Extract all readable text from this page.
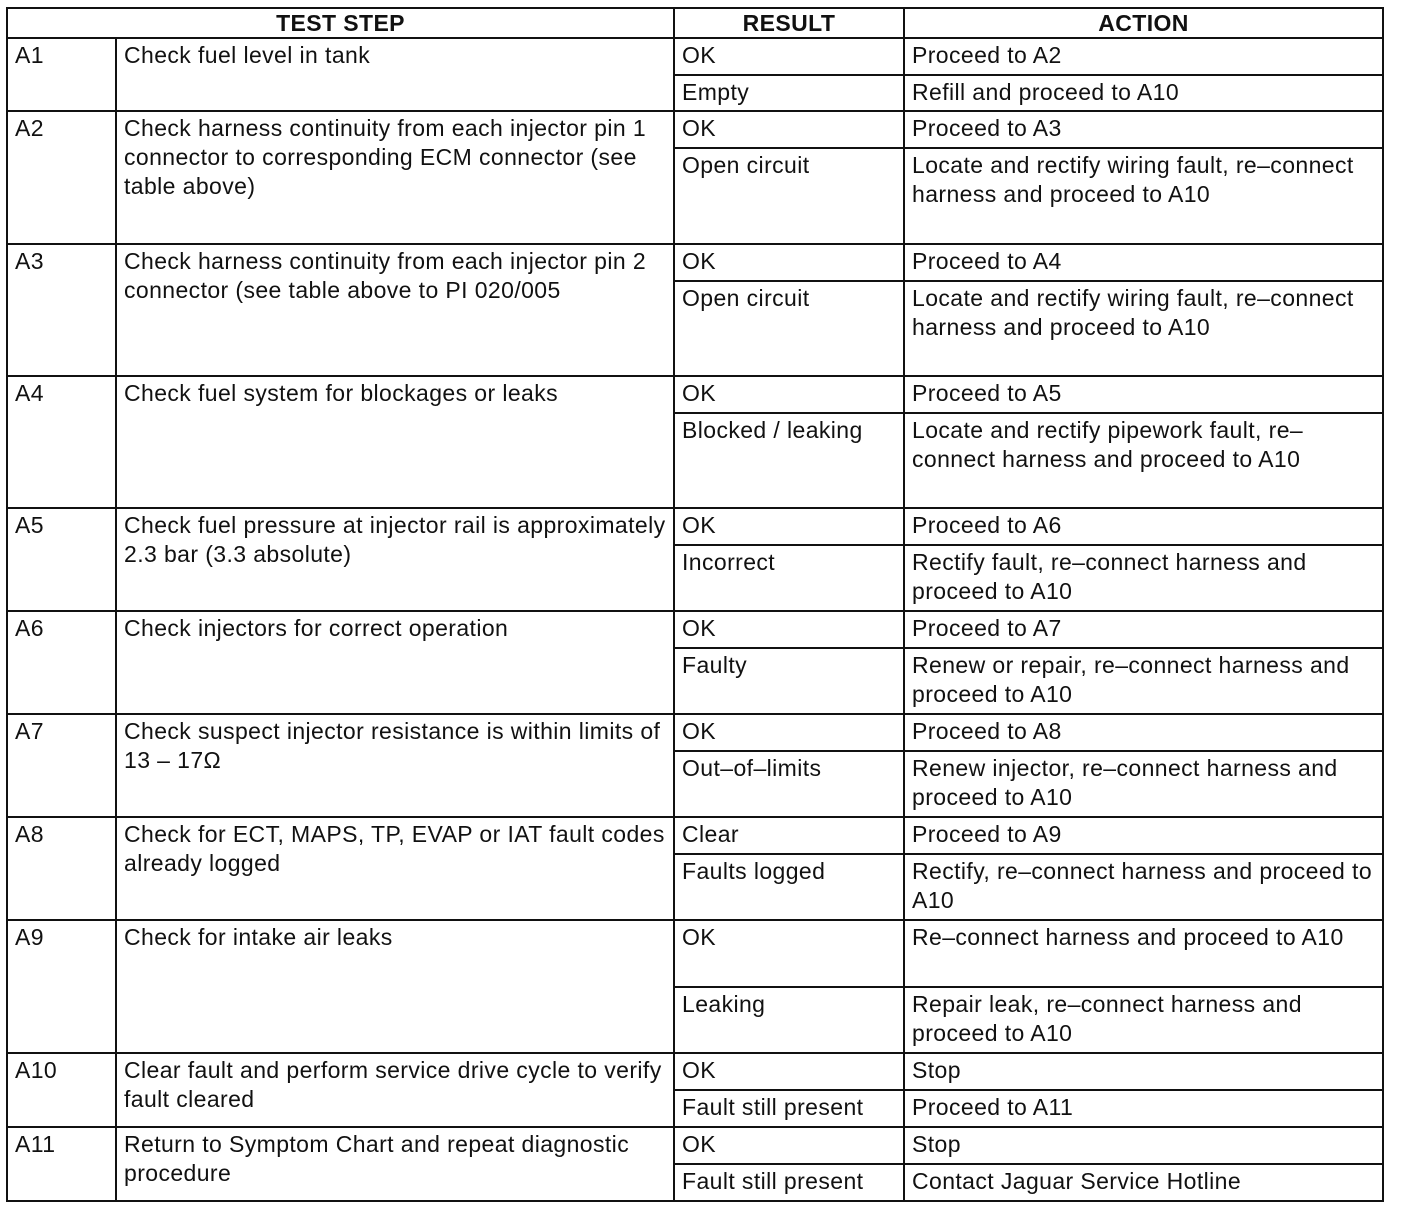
TEST STEP		RESULT	ACTION
A1	Check fuel level in tank	OK	Proceed to A2
		Empty	Refill and proceed to A10
A2	Check harness continuity from each injector pin 1 connector to corresponding ECM connector (see table above)	OK	Proceed to A3
		Open circuit	Locate and rectify wiring fault, re–connect harness and proceed to A10
A3	Check harness continuity from each injector pin 2 connector (see table above to PI 020/005	OK	Proceed to A4
		Open circuit	Locate and rectify wiring fault, re–connect harness and proceed to A10
A4	Check fuel system for blockages or leaks	OK	Proceed to A5
		Blocked / leaking	Locate and rectify pipework fault, re–connect harness and proceed to A10
A5	Check fuel pressure at injector rail is approximately 2.3 bar (3.3 absolute)	OK	Proceed to A6
		Incorrect	Rectify fault, re–connect harness and proceed to A10
A6	Check injectors for correct operation	OK	Proceed to A7
		Faulty	Renew or repair, re–connect harness and proceed to A10
A7	Check suspect injector resistance is within limits of 13 – 17Ω	OK	Proceed to A8
		Out–of–limits	Renew injector, re–connect harness and proceed to A10
A8	Check for ECT, MAPS, TP, EVAP or IAT fault codes already logged	Clear	Proceed to A9
		Faults logged	Rectify, re–connect harness and proceed to A10
A9	Check for intake air leaks	OK	Re–connect harness and proceed to A10
		Leaking	Repair leak, re–connect harness and proceed to A10
A10	Clear fault and perform service drive cycle to verify fault cleared	OK	Stop
		Fault still present	Proceed to A11
A11	Return to Symptom Chart and repeat diagnostic procedure	OK	Stop
		Fault still present	Contact Jaguar Service Hotline
